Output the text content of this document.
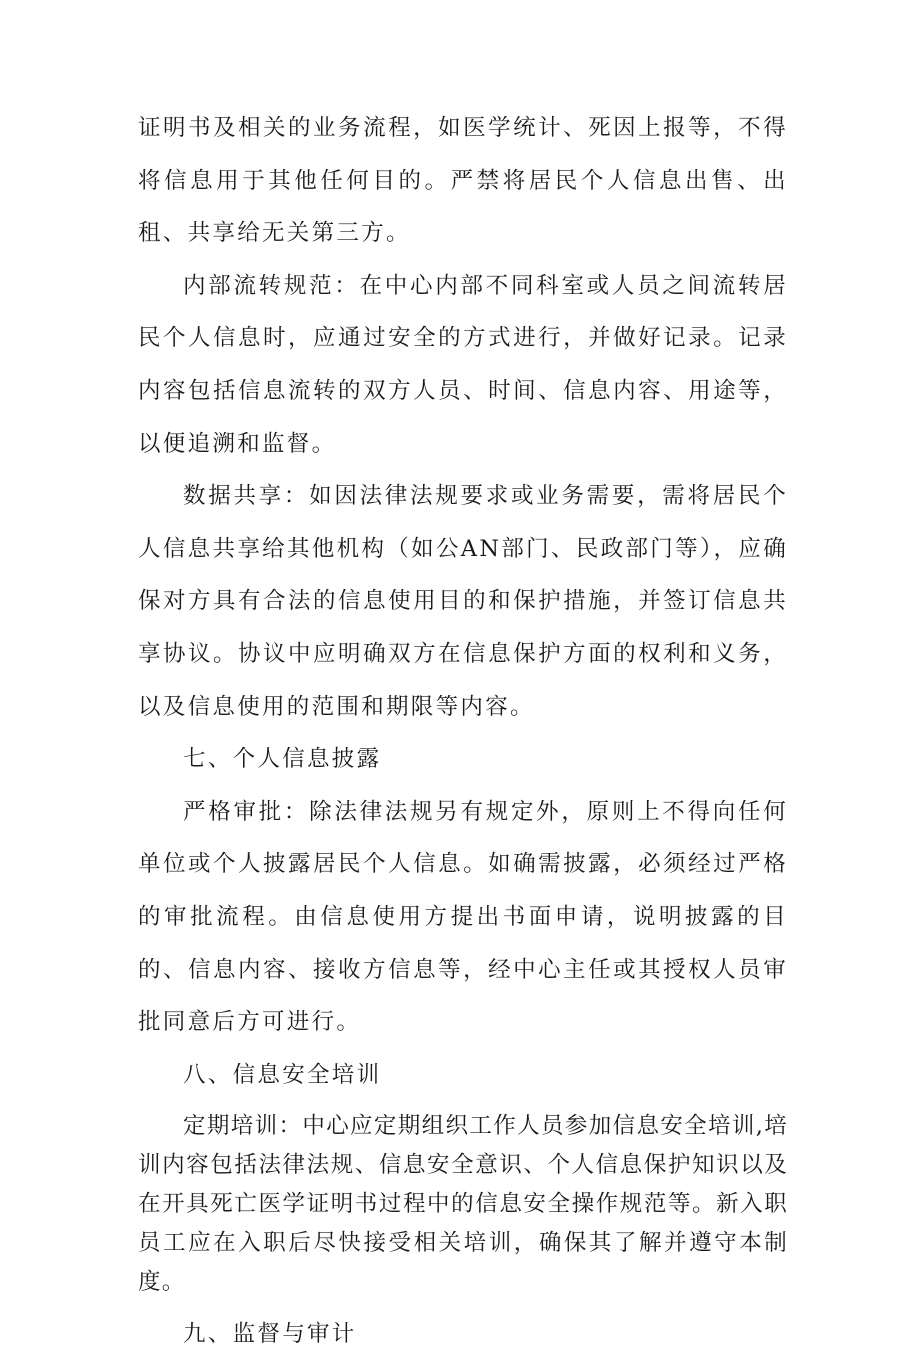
证明书及相关的业务流程，如医学统计、死因上报等，不得将信息用于其他任何目的。严禁将居民个人信息出售、出租、共享给无关第三方。

内部流转规范：在中心内部不同科室或人员之间流转居民个人信息时，应通过安全的方式进行，并做好记录。记录内容包括信息流转的双方人员、时间、信息内容、用途等，以便追溯和监督。

数据共享：如因法律法规要求或业务需要，需将居民个人信息共享给其他机构（如公AN部门、民政部门等），应确保对方具有合法的信息使用目的和保护措施，并签订信息共享协议。协议中应明确双方在信息保护方面的权利和义务，以及信息使用的范围和期限等内容。

七、个人信息披露

严格审批：除法律法规另有规定外，原则上不得向任何单位或个人披露居民个人信息。如确需披露，必须经过严格的审批流程。由信息使用方提出书面申请，说明披露的目的、信息内容、接收方信息等，经中心主任或其授权人员审批同意后方可进行。

八、信息安全培训

定期培训：中心应定期组织工作人员参加信息安全培训,培训内容包括法律法规、信息安全意识、个人信息保护知识以及在开具死亡医学证明书过程中的信息安全操作规范等。新入职员工应在入职后尽快接受相关培训，确保其了解并遵守本制度。

九、监督与审计
